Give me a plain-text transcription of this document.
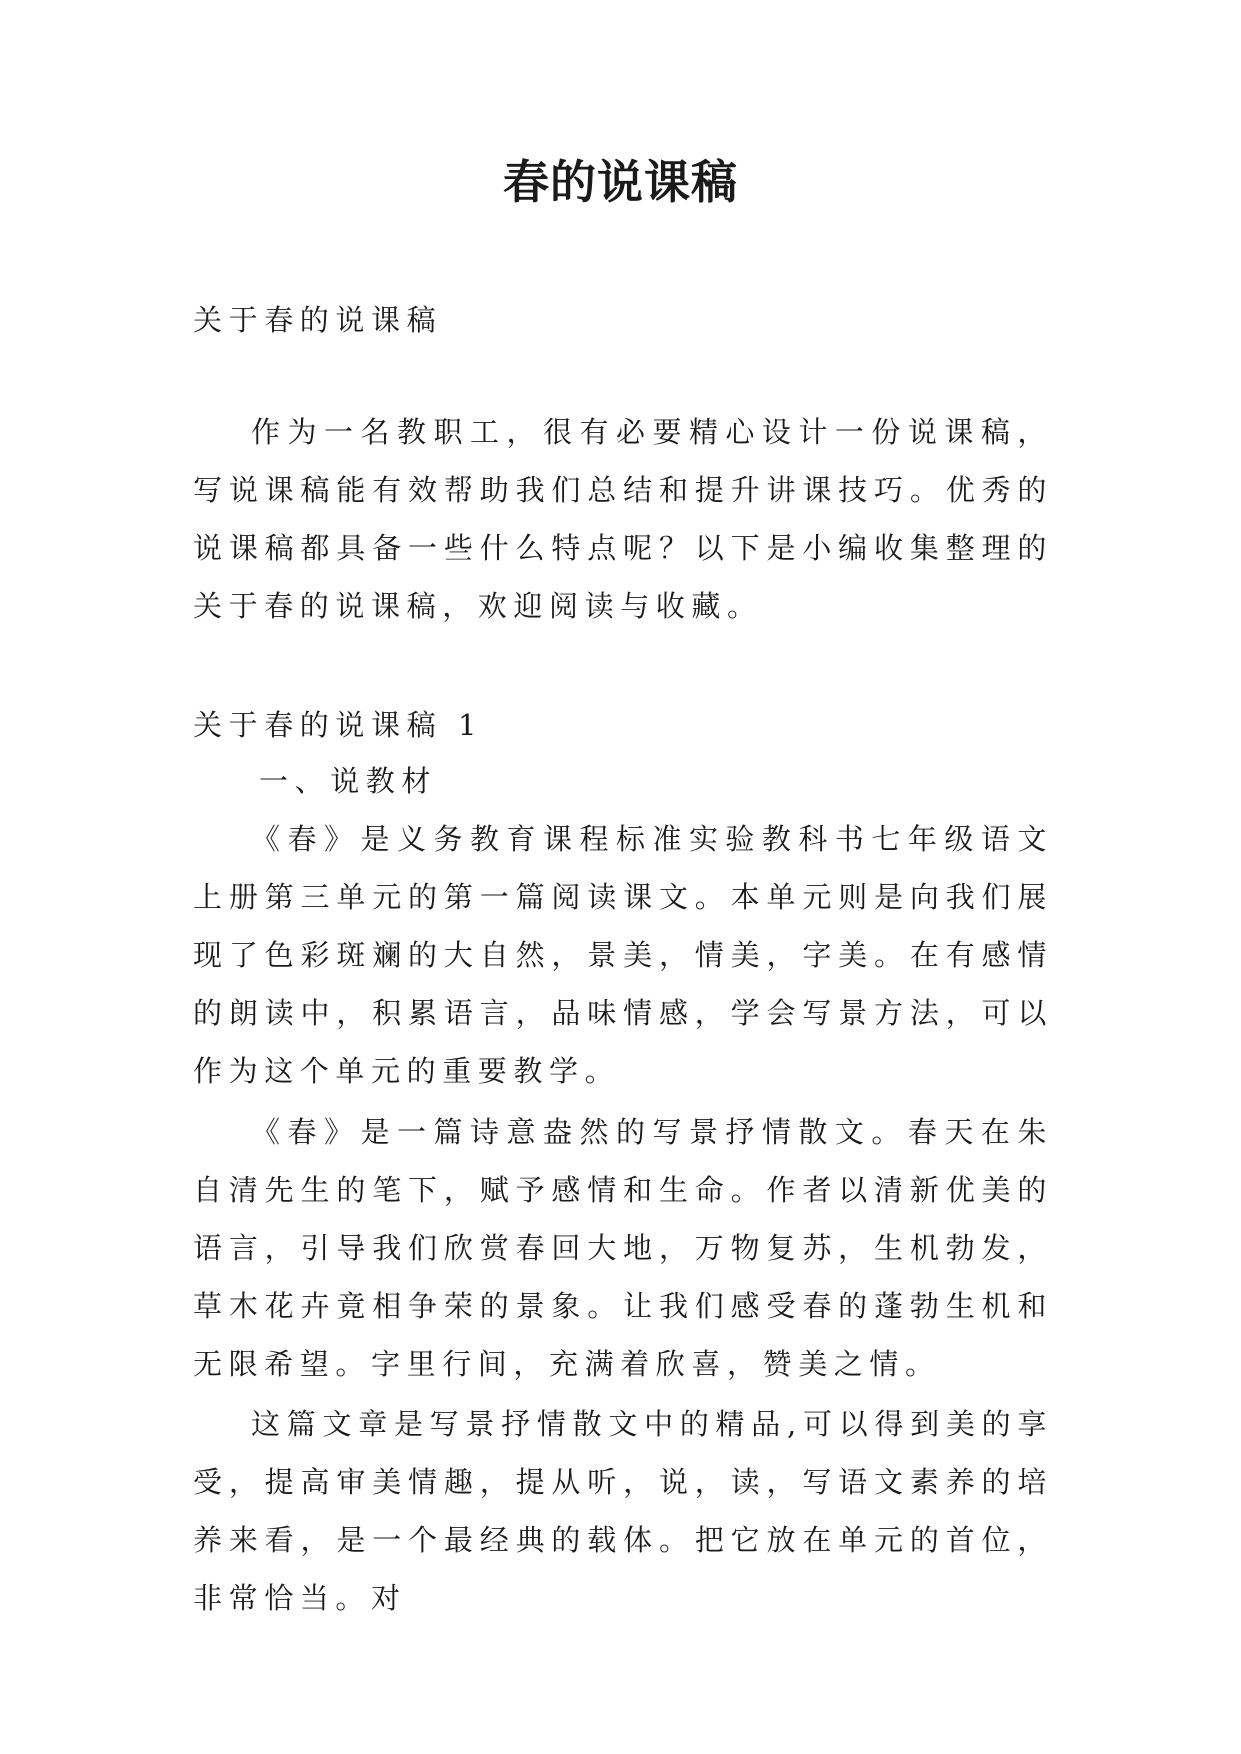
春的说课稿

关于春的说课稿

作为一名教职工，很有必要精心设计一份说课稿，写说课稿能有效帮助我们总结和提升讲课技巧。优秀的说课稿都具备一些什么特点呢？以下是小编收集整理的关于春的说课稿，欢迎阅读与收藏。

关于春的说课稿 1

一、说教材

《春》是义务教育课程标准实验教科书七年级语文上册第三单元的第一篇阅读课文。本单元则是向我们展现了色彩斑斓的大自然，景美，情美，字美。在有感情的朗读中，积累语言，品味情感，学会写景方法，可以作为这个单元的重要教学。

《春》是一篇诗意盎然的写景抒情散文。春天在朱自清先生的笔下，赋予感情和生命。作者以清新优美的语言，引导我们欣赏春回大地，万物复苏，生机勃发，草木花卉竟相争荣的景象。让我们感受春的蓬勃生机和无限希望。字里行间，充满着欣喜，赞美之情。

这篇文章是写景抒情散文中的精品,可以得到美的享受，提高审美情趣，提从听，说，读，写语文素养的培养来看，是一个最经典的载体。把它放在单元的首位，非常恰当。对
